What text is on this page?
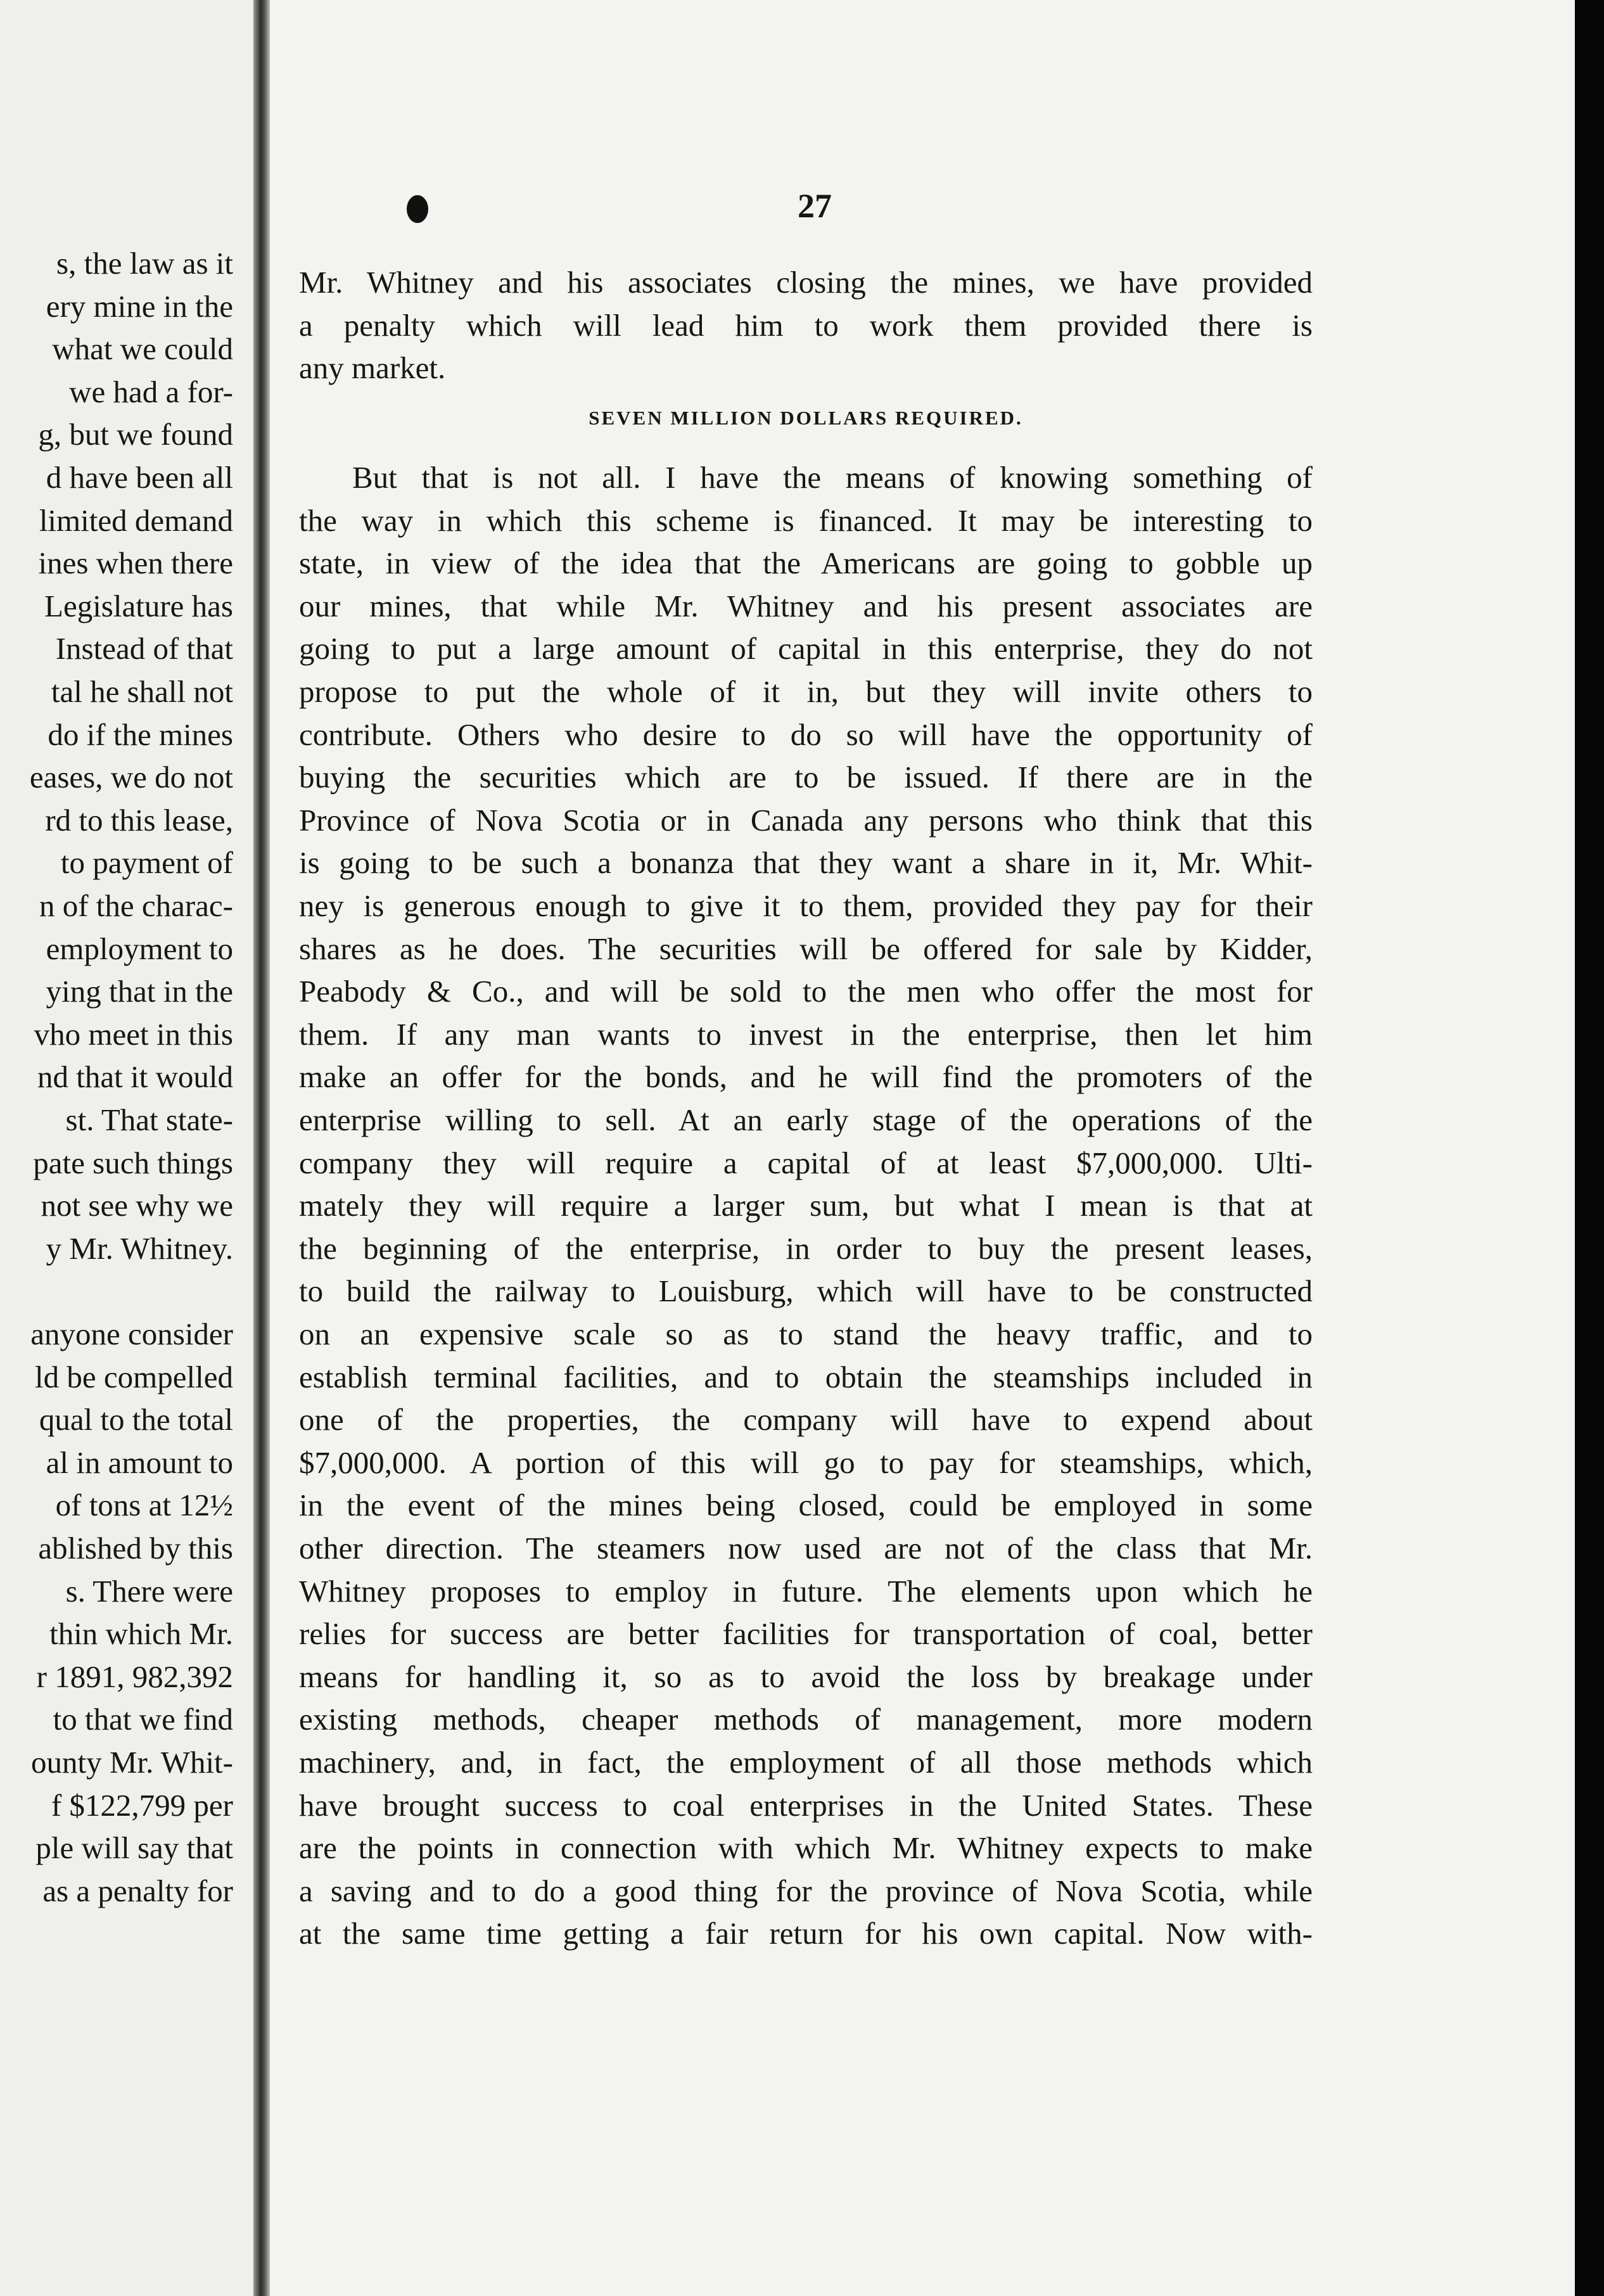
s, the law as it
ery mine in the
what we could
we had a for-
g, but we found
d have been all
limited demand
ines when there
Legislature has
Instead of that
tal he shall not
do if the mines
eases, we do not
rd to this lease,
to payment of
n of the charac-
employment to
ying that in the
vho meet in this
nd that it would
st. That state-
pate such things
not see why we
y Mr. Whitney.
anyone consider
ld be compelled
qual to the total
al in amount to
of tons at 12½
ablished by this
s. There were
thin which Mr.
r 1891, 982,392
to that we find
ounty Mr. Whit-
f $122,799 per
ple will say that
as a penalty for
27
Mr. Whitney and his associates closing the mines, we have provided
a penalty which will lead him to work them provided there is
any market.
SEVEN MILLION DOLLARS REQUIRED.
But that is not all. I have the means of knowing something of
the way in which this scheme is financed. It may be interesting to
state, in view of the idea that the Americans are going to gobble up
our mines, that while Mr. Whitney and his present associates are
going to put a large amount of capital in this enterprise, they do not
propose to put the whole of it in, but they will invite others to
contribute. Others who desire to do so will have the opportunity of
buying the securities which are to be issued. If there are in the
Province of Nova Scotia or in Canada any persons who think that this
is going to be such a bonanza that they want a share in it, Mr. Whit-
ney is generous enough to give it to them, provided they pay for their
shares as he does. The securities will be offered for sale by Kidder,
Peabody & Co., and will be sold to the men who offer the most for
them. If any man wants to invest in the enterprise, then let him
make an offer for the bonds, and he will find the promoters of the
enterprise willing to sell. At an early stage of the operations of the
company they will require a capital of at least $7,000,000. Ulti-
mately they will require a larger sum, but what I mean is that at
the beginning of the enterprise, in order to buy the present leases,
to build the railway to Louisburg, which will have to be constructed
on an expensive scale so as to stand the heavy traffic, and to
establish terminal facilities, and to obtain the steamships included in
one of the properties, the company will have to expend about
$7,000,000. A portion of this will go to pay for steamships, which,
in the event of the mines being closed, could be employed in some
other direction. The steamers now used are not of the class that Mr.
Whitney proposes to employ in future. The elements upon which he
relies for success are better facilities for transportation of coal, better
means for handling it, so as to avoid the loss by breakage under
existing methods, cheaper methods of management, more modern
machinery, and, in fact, the employment of all those methods which
have brought success to coal enterprises in the United States. These
are the points in connection with which Mr. Whitney expects to make
a saving and to do a good thing for the province of Nova Scotia, while
at the same time getting a fair return for his own capital. Now with-
